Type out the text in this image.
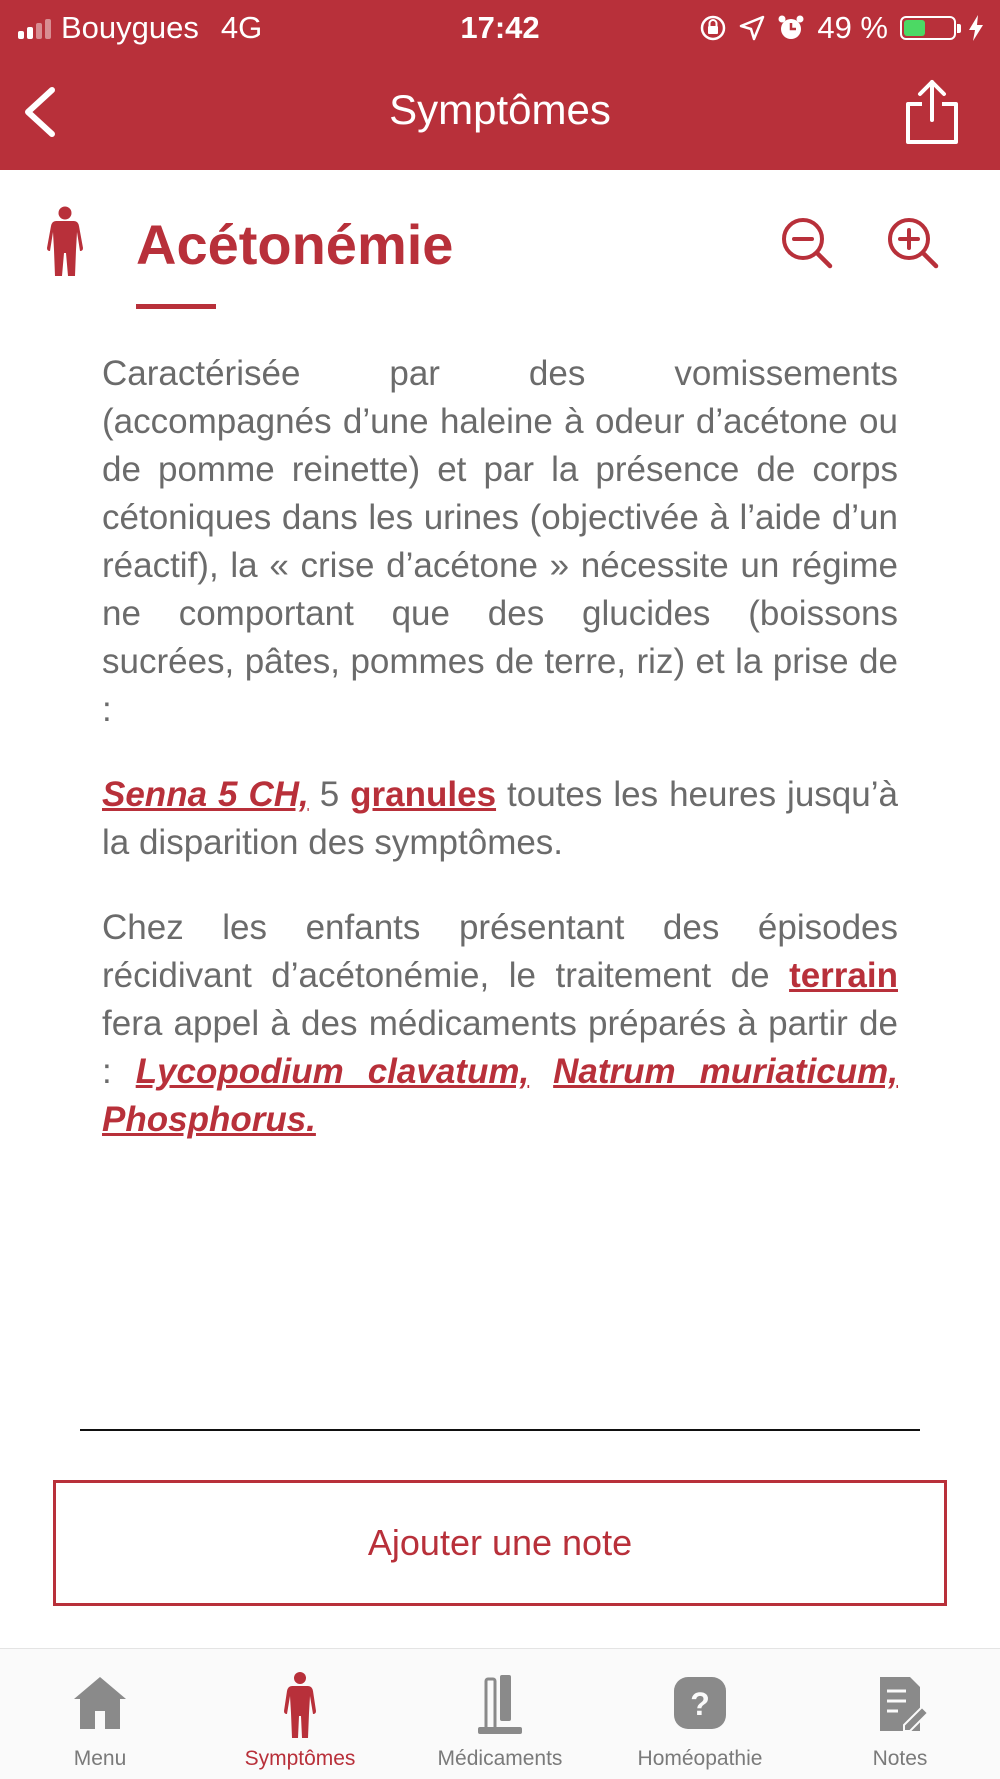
Bouygues 4G	17:42	49 %
Symptômes
Acétonémie

Caractérisée par des vomissements (accompagnés d’une haleine à odeur d’acétone ou de pomme reinette) et par la présence de corps cétoniques dans les urines (objectivée à l’aide d’un réactif), la « crise d’acétone » nécessite un régime ne comportant que des glucides (boissons sucrées, pâtes, pommes de terre, riz) et la prise de :

Senna 5 CH, 5 granules toutes les heures jusqu’à la disparition des symptômes.

Chez les enfants présentant des épisodes récidivant d’acétonémie, le traitement de terrain fera appel à des médicaments préparés à partir de : Lycopodium clavatum, Natrum muriaticum, Phosphorus.

Ajouter une note
Menu	Symptômes	Médicaments
?
Homéopathie	Notes
